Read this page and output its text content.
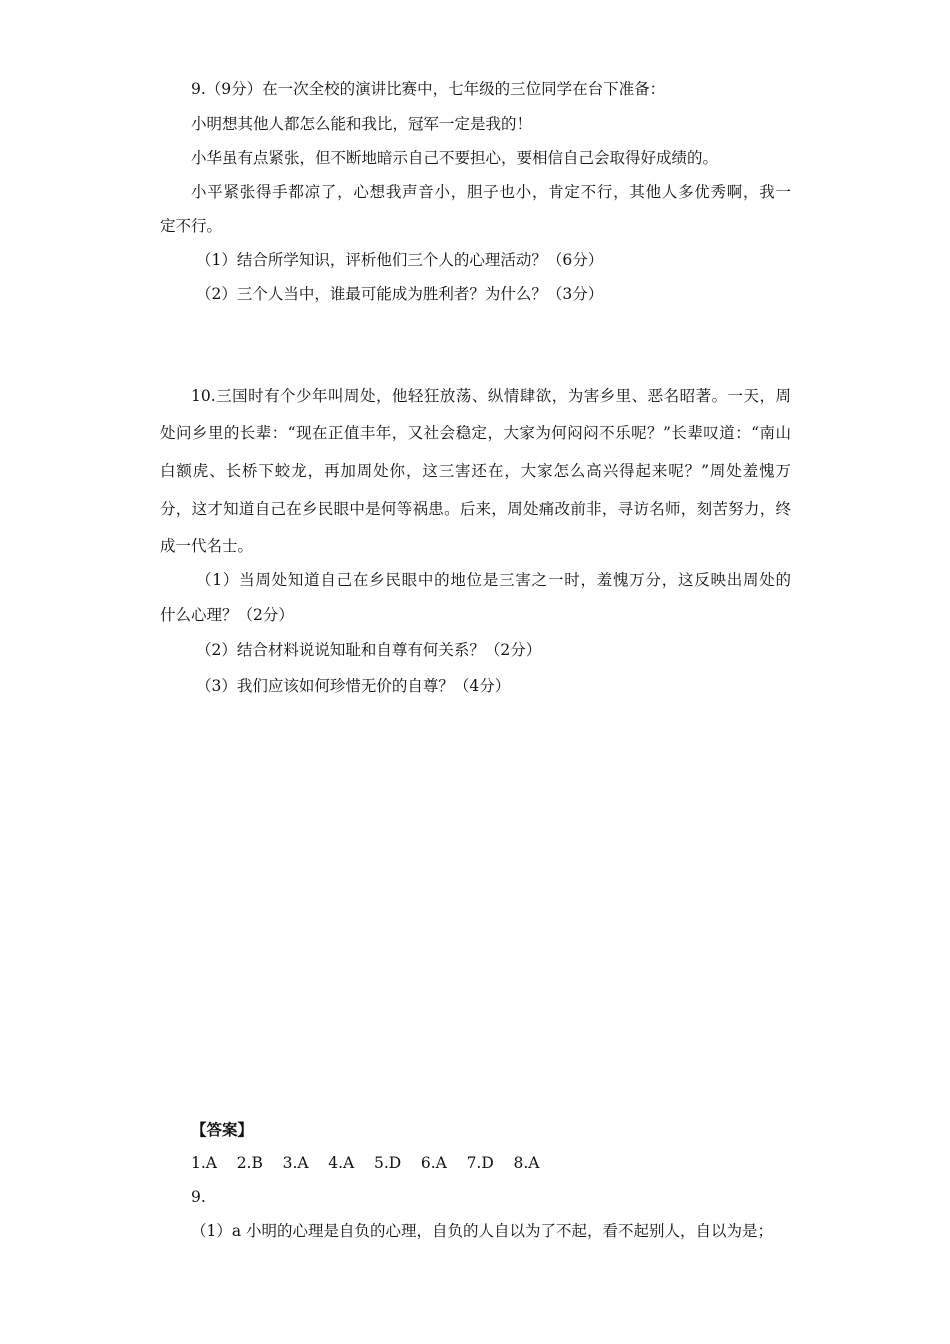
9.（9分）在一次全校的演讲比赛中，七年级的三位同学在台下准备：
小明想其他人都怎么能和我比，冠军一定是我的！
小华虽有点紧张，但不断地暗示自己不要担心，要相信自己会取得好成绩的。
小平紧张得手都凉了，心想我声音小，胆子也小，肯定不行，其他人多优秀啊，我一
定不行。
（1）结合所学知识，评析他们三个人的心理活动？（6分）
（2）三个人当中，谁最可能成为胜利者？为什么？（3分）
10.三国时有个少年叫周处，他轻狂放荡、纵情肆欲，为害乡里、恶名昭著。一天，周
处问乡里的长辈：“现在正值丰年，又社会稳定，大家为何闷闷不乐呢？”长辈叹道：“南山
白额虎、长桥下蛟龙，再加周处你，这三害还在，大家怎么高兴得起来呢？”周处羞愧万
分，这才知道自己在乡民眼中是何等祸患。后来，周处痛改前非，寻访名师，刻苦努力，终
成一代名士。
（1）当周处知道自己在乡民眼中的地位是三害之一时，羞愧万分，这反映出周处的
什么心理？（2分）
（2）结合材料说说知耻和自尊有何关系？（2分）
（3）我们应该如何珍惜无价的自尊？（4分）
【答案】
1.A    2.B    3.A    4.A    5.D    6.A    7.D    8.A
9.
（1）a 小明的心理是自负的心理，自负的人自以为了不起，看不起别人，自以为是；
